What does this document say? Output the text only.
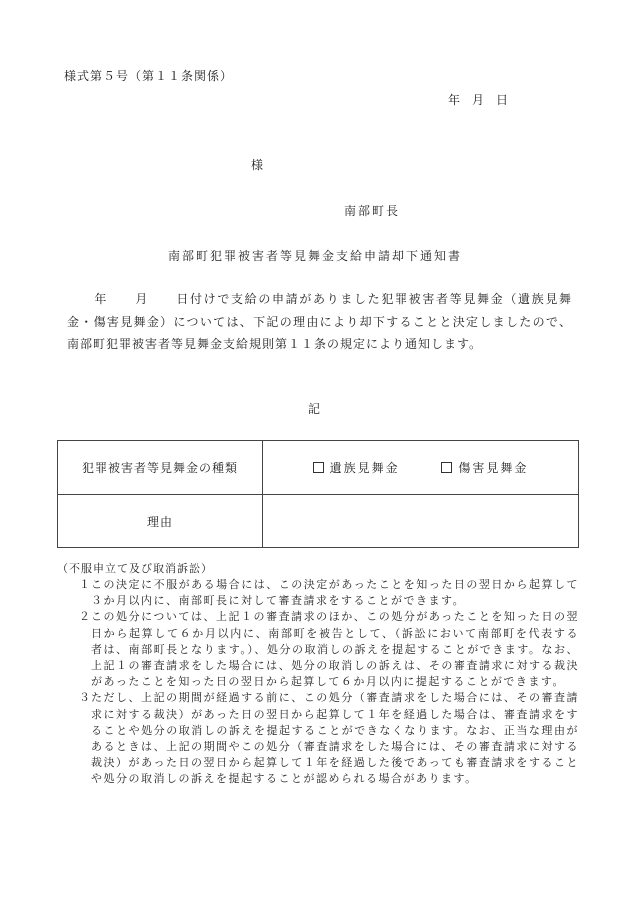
様式第５号（第１１条関係）
年　月　日
様
南部町長
南部町犯罪被害者等見舞金支給申請却下通知書
　　年　　月　　日付けで支給の申請がありました犯罪被害者等見舞金（遺族見舞金・傷害見舞金）については、下記の理由により却下することと決定しましたので、南部町犯罪被害者等見舞金支給規則第１１条の規定により通知します。
記
犯罪被害者等見舞金の種類	遺族見舞金 傷害見舞金
理由	
（不服申立て及び取消訴訟）
１ この決定に不服がある場合には、この決定があったことを知った日の翌日から起算して３か月以内に、南部町長に対して審査請求をすることができます。
２ この処分については、上記１の審査請求のほか、この処分があったことを知った日の翌日から起算して６か月以内に、南部町を被告として、（訴訟において南部町を代表する者は、南部町長となります。）、処分の取消しの訴えを提起することができます。なお、上記１の審査請求をした場合には、処分の取消しの訴えは、その審査請求に対する裁決があったことを知った日の翌日から起算して６か月以内に提起することができます。
３ ただし、上記の期間が経過する前に、この処分（審査請求をした場合には、その審査請求に対する裁決）があった日の翌日から起算して１年を経過した場合は、審査請求をすることや処分の取消しの訴えを提起することができなくなります。なお、正当な理由があるときは、上記の期間やこの処分（審査請求をした場合には、その審査請求に対する裁決）があった日の翌日から起算して１年を経過した後であっても審査請求をすることや処分の取消しの訴えを提起することが認められる場合があります。
